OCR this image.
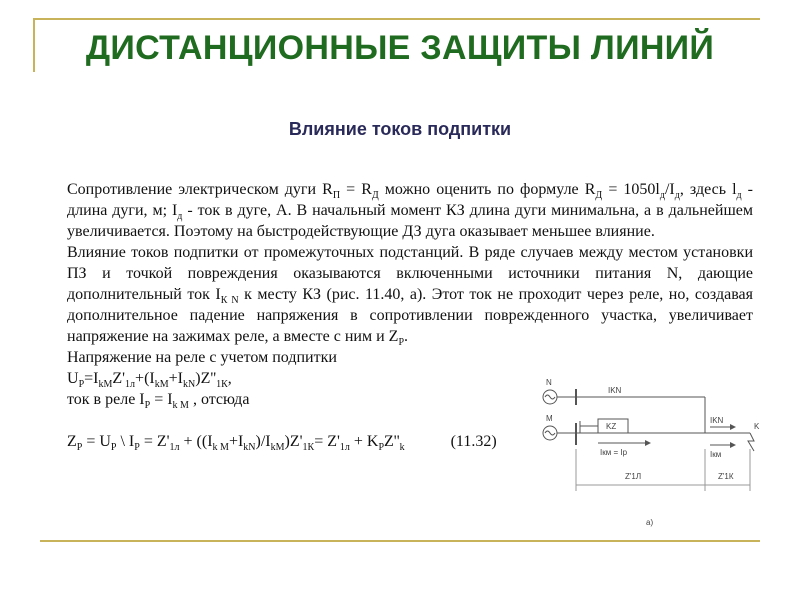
ДИСТАНЦИОННЫЕ ЗАЩИТЫ ЛИНИЙ
Влияние токов подпитки

Сопротивление электрическом дуги $R_П = R_Д$ можно оценить по формуле $R_Д = 1050l_д/I_д$, здесь $l_д$ - длина дуги, м; $I_д$ - ток в дуге, А. В начальный момент КЗ длина дуги минимальна, а в дальнейшем увеличивается. Поэтому на быстродействующие ДЗ дуга оказывает меньшее влияние.

Влияние токов подпитки от промежуточных подстанций. В ряде случаев между местом установки ПЗ и точкой повреждения оказываются включенными источники питания N, дающие дополнительный ток $I_{К N}$ к месту КЗ (рис. 11.40, а). Этот ток не проходит через реле, но, создавая дополнительное падение напряжения в сопротивлении поврежденного участка, увеличивает напряжение на зажимах реле, а вместе с ним и $Z_Р$.

Напряжение на реле с учетом подпитки

$U_Р=I_{kМ}Z'_{1л}+(I_{kМ}+I_{kN})Z''_{1К}$,

ток в реле $I_Р = I_{k М}$ , отсюда

$Z_Р = U_Р$ \ $I_Р = Z'_{1л} + ((I_{k М}+I_{kN})/I_{kМ})Z'_{1К}= Z'_{1л} + K_РZ''_k$	(11.32)

N
M
K
IKN
KZ
IKN
Iкм = Iр	Iкм
Z'1Л	Z'1К
а)
